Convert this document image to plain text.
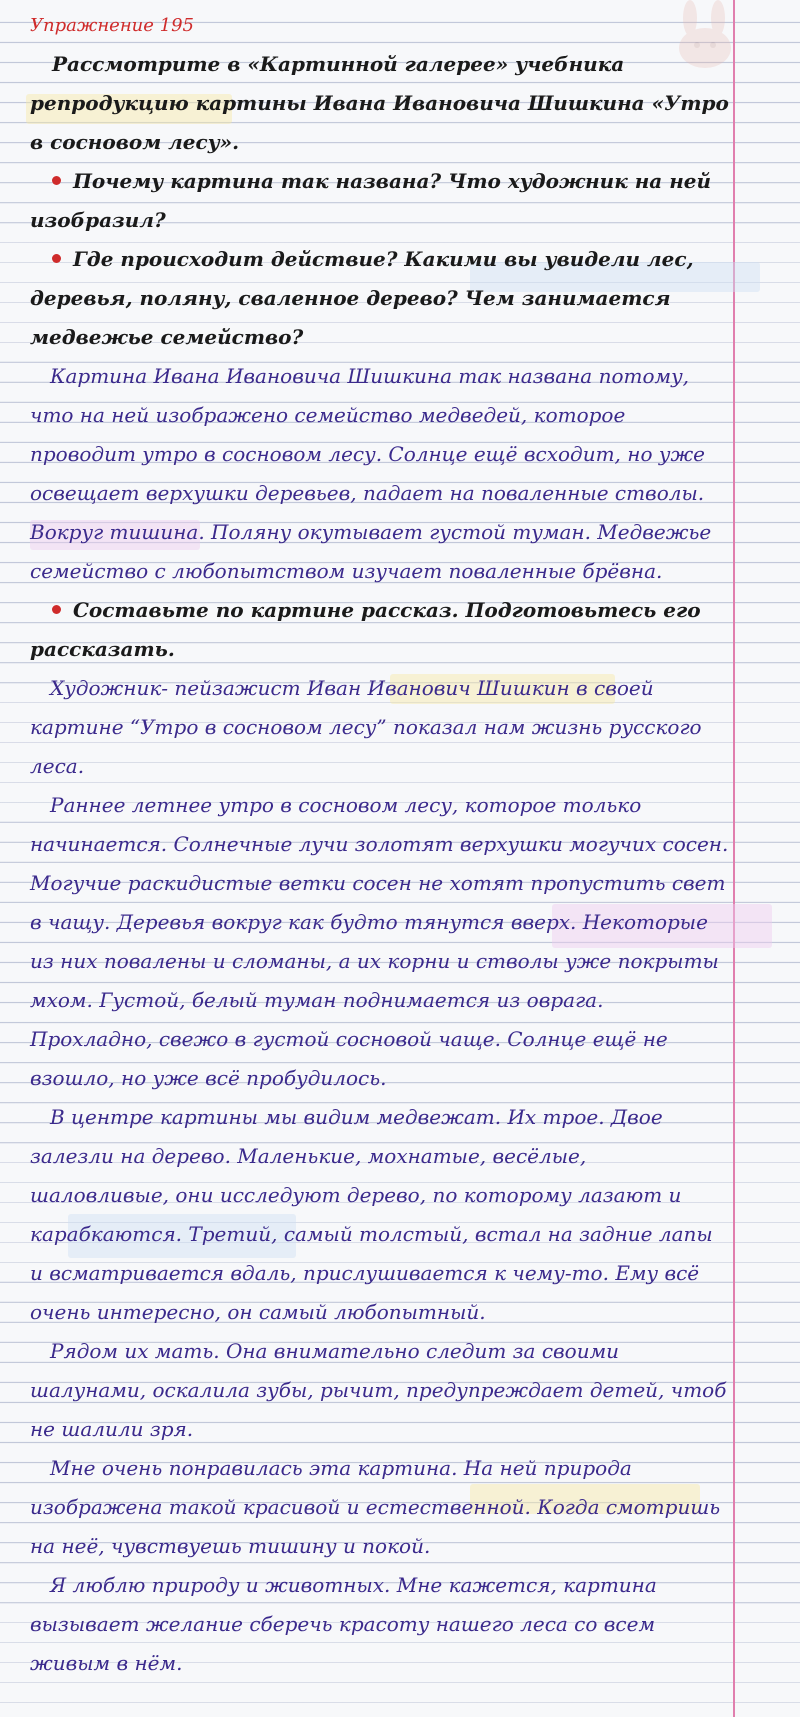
Упражнение 195

Рассмотрите в «Картинной галерее» учебника репродукцию картины Ивана Ивановича Шишкина «Утро в сосновом лесу».

Почему картина так названа? Что художник на ней изобразил?

Где происходит действие? Какими вы увидели лес, деревья, поляну, сваленное дерево? Чем занимается медвежье семейство?

Картина Ивана Ивановича Шишкина так названа потому, что на ней изображено семейство медведей, которое проводит утро в сосновом лесу. Солнце ещё всходит, но уже освещает верхушки деревьев, падает на поваленные стволы. Вокруг тишина. Поляну окутывает густой туман. Медвежье семейство с любопытством изучает поваленные брёвна.

Составьте по картине рассказ. Подготовьтесь его рассказать.

Художник- пейзажист Иван Иванович Шишкин в своей картине “Утро в сосновом лесу” показал нам жизнь русского леса.

Раннее летнее утро в сосновом лесу, которое только начинается. Солнечные лучи золотят верхушки могучих сосен. Могучие раскидистые ветки сосен не хотят пропустить свет в чащу. Деревья вокруг как будто тянутся вверх. Некоторые из них повалены и сломаны, а их корни и стволы уже покрыты мхом. Густой, белый туман поднимается из оврага. Прохладно, свежо в густой сосновой чаще. Солнце ещё не взошло, но уже всё пробудилось.

В центре картины мы видим медвежат. Их трое. Двое залезли на дерево. Маленькие, мохнатые, весёлые, шаловливые, они исследуют дерево, по которому лазают и карабкаются. Третий, самый толстый, встал на задние лапы и всматривается вдаль, прислушивается к чему-то. Ему всё очень интересно, он самый любопытный.

Рядом их мать. Она внимательно следит за своими шалунами, оскалила зубы, рычит, предупреждает детей, чтоб не шалили зря.

Мне очень понравилась эта картина. На ней природа изображена такой красивой и естественной. Когда смотришь на неё, чувствуешь тишину и покой.

Я люблю природу и животных. Мне кажется, картина вызывает желание сберечь красоту нашего леса со всем живым в нём.
